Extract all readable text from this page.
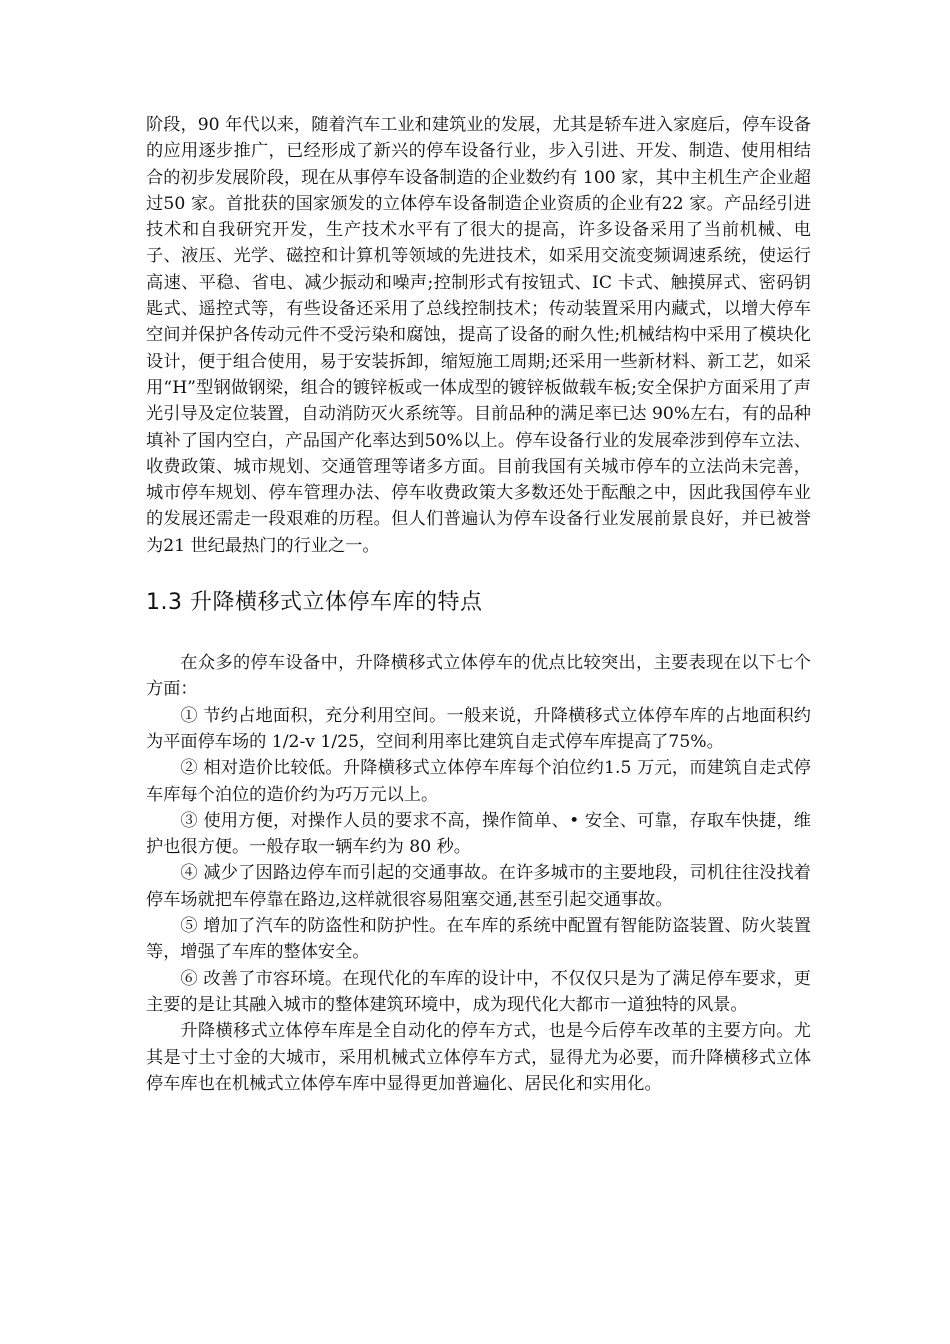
阶段，90 年代以来，随着汽车工业和建筑业的发展，尤其是轿车进入家庭后，停车设备的应用逐步推广，已经形成了新兴的停车设备行业，步入引进、开发、制造、使用相结合的初步发展阶段，现在从事停车设备制造的企业数约有 100 家，其中主机生产企业超过50 家。首批获的国家颁发的立体停车设备制造企业资质的企业有22 家。产品经引进技术和自我研究开发，生产技术水平有了很大的提高，许多设备采用了当前机械、电子、液压、光学、磁控和计算机等领域的先进技术，如采用交流变频调速系统，使运行高速、平稳、省电、减少振动和噪声;控制形式有按钮式、IC 卡式、触摸屏式、密码钥匙式、遥控式等，有些设备还采用了总线控制技术；传动装置采用内藏式，以增大停车空间并保护各传动元件不受污染和腐蚀，提高了设备的耐久性;机械结构中采用了模块化设计，便于组合使用，易于安装拆卸，缩短施工周期;还采用一些新材料、新工艺，如采用“H”型钢做钢梁，组合的镀锌板或一体成型的镀锌板做载车板;安全保护方面采用了声光引导及定位装置，自动消防灭火系统等。目前品种的满足率已达 90%左右，有的品种填补了国内空白，产品国产化率达到50%以上。停车设备行业的发展牵涉到停车立法、收费政策、城市规划、交通管理等诸多方面。目前我国有关城市停车的立法尚未完善，城市停车规划、停车管理办法、停车收费政策大多数还处于酝酿之中，因此我国停车业的发展还需走一段艰难的历程。但人们普遍认为停车设备行业发展前景良好，并已被誉为21 世纪最热门的行业之一。

1.3 升降横移式立体停车库的特点

在众多的停车设备中，升降横移式立体停车的优点比较突出，主要表现在以下七个方面：

① 节约占地面积，充分利用空间。一般来说，升降横移式立体停车库的占地面积约为平面停车场的 1/2-v 1/25，空间利用率比建筑自走式停车库提高了75%。

② 相对造价比较低。升降横移式立体停车库每个泊位约1.5 万元，而建筑自走式停车库每个泊位的造价约为巧万元以上。

③ 使用方便，对操作人员的要求不高，操作简单、• 安全、可靠，存取车快捷，维护也很方便。一般存取一辆车约为 80 秒。

④ 减少了因路边停车而引起的交通事故。在许多城市的主要地段，司机往往没找着停车场就把车停靠在路边,这样就很容易阻塞交通,甚至引起交通事故。

⑤ 增加了汽车的防盗性和防护性。在车库的系统中配置有智能防盗装置、防火装置等，增强了车库的整体安全。

⑥ 改善了市容环境。在现代化的车库的设计中，不仅仅只是为了满足停车要求，更主要的是让其融入城市的整体建筑环境中，成为现代化大都市一道独特的风景。

升降横移式立体停车库是全自动化的停车方式，也是今后停车改革的主要方向。尤其是寸土寸金的大城市，采用机械式立体停车方式，显得尤为必要，而升降横移式立体停车库也在机械式立体停车库中显得更加普遍化、居民化和实用化。
